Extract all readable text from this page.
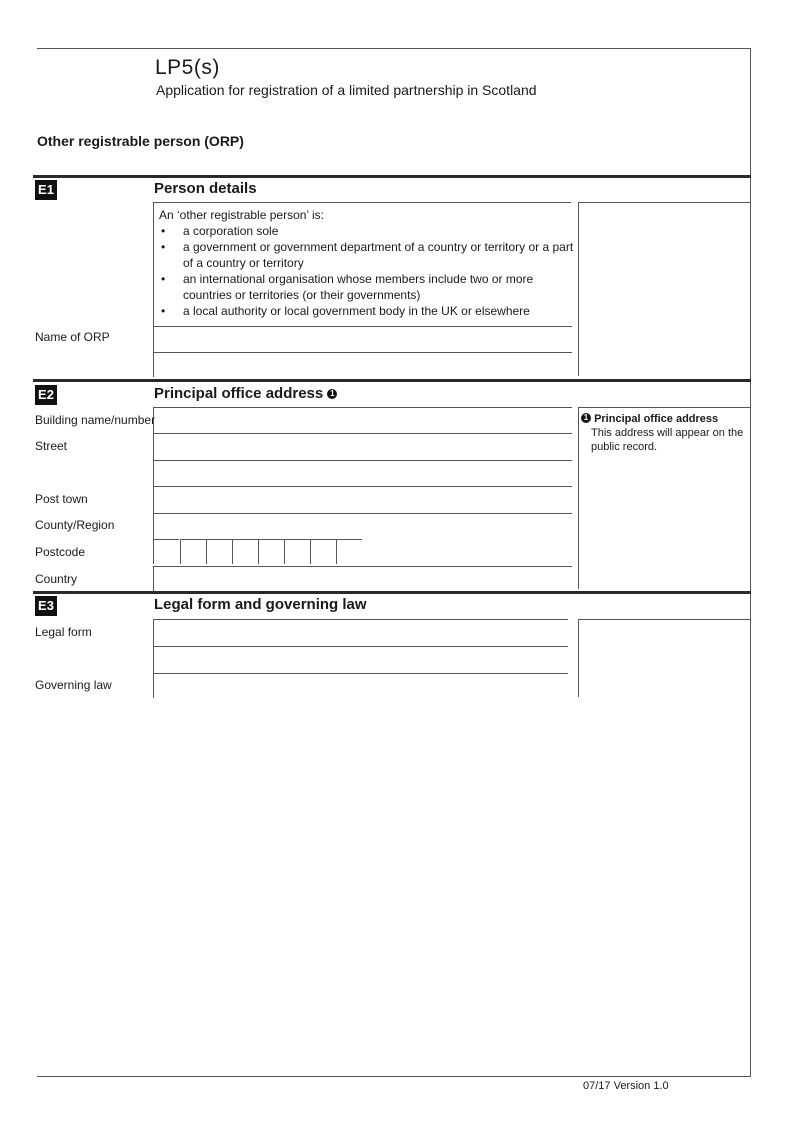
LP5(s)
Application for registration of a limited partnership in Scotland
Other registrable person (ORP)
E1	Person details
An ‘other registrable person’ is:
• a corporation sole
• a government or government department of a country or territory or a part of a country or territory
• an international organisation whose members include two or more countries or territories (or their governments)
• a local authority or local government body in the UK or elsewhere
Name of ORP
E2	Principal office address 1
1 Principal office address
This address will appear on the public record.
Building name/number
Street
Post town
County/Region
Postcode
Country
E3	Legal form and governing law
Legal form
Governing law
07/17 Version 1.0
